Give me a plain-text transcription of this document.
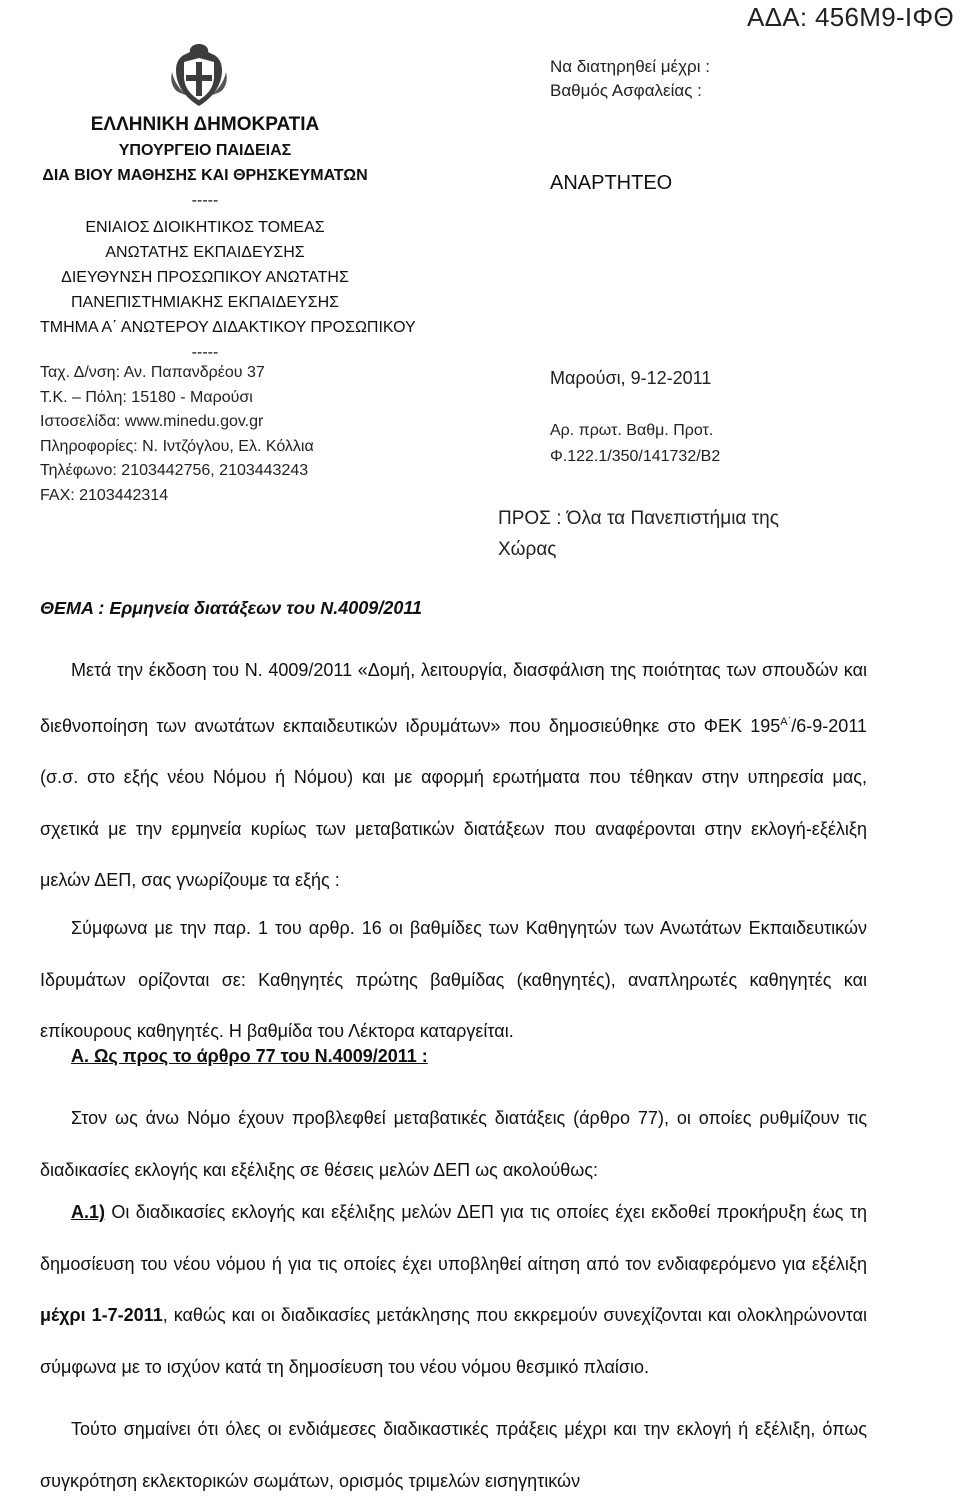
ΑΔΑ: 456Μ9-ΙΦΘ
ΕΛΛΗΝΙΚΗ ΔΗΜΟΚΡΑΤΙΑ
ΥΠΟΥΡΓΕΙΟ ΠΑΙΔΕΙΑΣ
ΔΙΑ ΒΙΟΥ ΜΑΘΗΣΗΣ ΚΑΙ ΘΡΗΣΚΕΥΜΑΤΩΝ
-----
ΕΝΙΑΙΟΣ ΔΙΟΙΚΗΤΙΚΟΣ ΤΟΜΕΑΣ
ΑΝΩΤΑΤΗΣ ΕΚΠΑΙΔΕΥΣΗΣ
ΔΙΕΥΘΥΝΣΗ ΠΡΟΣΩΠΙΚΟΥ ΑΝΩΤΑΤΗΣ
ΠΑΝΕΠΙΣΤΗΜΙΑΚΗΣ ΕΚΠΑΙΔΕΥΣΗΣ
ΤΜΗΜΑ Α΄ ΑΝΩΤΕΡΟΥ ΔΙΔΑΚΤΙΚΟΥ ΠΡΟΣΩΠΙΚΟΥ
-----
Ταχ. Δ/νση: Αν. Παπανδρέου 37
Τ.Κ. – Πόλη: 15180 - Μαρούσι
Ιστοσελίδα: www.minedu.gov.gr
Πληροφορίες: Ν. Ιντζόγλου, Ελ. Κόλλια
Τηλέφωνο: 2103442756, 2103443243
FAX: 2103442314
Να διατηρηθεί μέχρι :
Βαθμός Ασφαλείας :
ΑΝΑΡΤΗΤΕΟ
Μαρούσι, 9-12-2011
Αρ. πρωτ. Βαθμ. Προτ.
Φ.122.1/350/141732/Β2
ΠΡΟΣ : Όλα τα Πανεπιστήμια της
Χώρας
ΘΕΜΑ : Ερμηνεία διατάξεων του Ν.4009/2011
Μετά την έκδοση του Ν. 4009/2011 «Δομή, λειτουργία, διασφάλιση της ποιότητας των σπουδών και διεθνοποίηση των ανωτάτων εκπαιδευτικών ιδρυμάτων» που δημοσιεύθηκε στο ΦΕΚ $195^{A΄}/6-9-2011$ (σ.σ. στο εξής νέου Νόμου ή Νόμου) και με αφορμή ερωτήματα που τέθηκαν στην υπηρεσία μας, σχετικά με την ερμηνεία κυρίως των μεταβατικών διατάξεων που αναφέρονται στην εκλογή-εξέλιξη μελών ΔΕΠ, σας γνωρίζουμε τα εξής :
Σύμφωνα με την παρ. 1 του αρθρ. 16 οι βαθμίδες των Καθηγητών των Ανωτάτων Εκπαιδευτικών Ιδρυμάτων ορίζονται σε: Καθηγητές πρώτης βαθμίδας (καθηγητές), αναπληρωτές καθηγητές και επίκουρους καθηγητές. Η βαθμίδα του Λέκτορα καταργείται.
Α. Ως προς το άρθρο 77 του Ν.4009/2011 :
Στον ως άνω Νόμο έχουν προβλεφθεί μεταβατικές διατάξεις (άρθρο 77), οι οποίες ρυθμίζουν τις διαδικασίες εκλογής και εξέλιξης σε θέσεις μελών ΔΕΠ ως ακολούθως:
Α.1) Οι διαδικασίες εκλογής και εξέλιξης μελών ΔΕΠ για τις οποίες έχει εκδοθεί προκήρυξη έως τη δημοσίευση του νέου νόμου ή για τις οποίες έχει υποβληθεί αίτηση από τον ενδιαφερόμενο για εξέλιξη μέχρι 1-7-2011, καθώς και οι διαδικασίες μετάκλησης που εκκρεμούν συνεχίζονται και ολοκληρώνονται σύμφωνα με το ισχύον κατά τη δημοσίευση του νέου νόμου θεσμικό πλαίσιο.
Τούτο σημαίνει ότι όλες οι ενδιάμεσες διαδικαστικές πράξεις μέχρι και την εκλογή ή εξέλιξη, όπως συγκρότηση εκλεκτορικών σωμάτων, ορισμός τριμελών εισηγητικών
